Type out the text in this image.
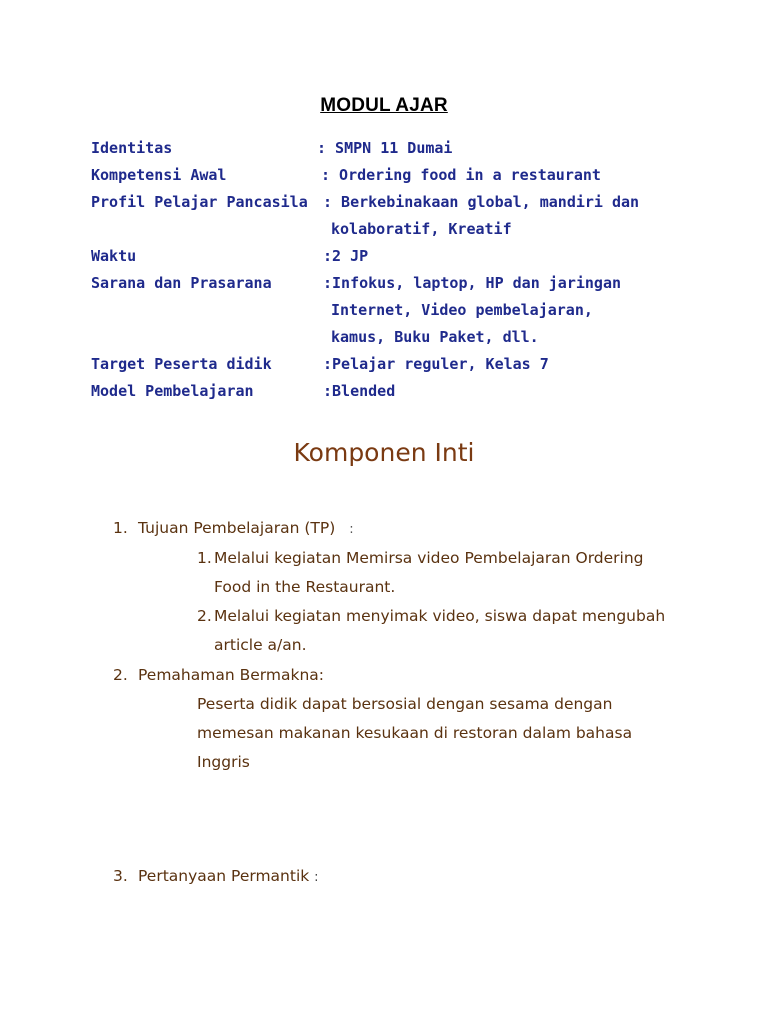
MODUL AJAR
Identitas	: SMPN 11 Dumai
Kompetensi Awal	: Ordering food in a restaurant
Profil Pelajar Pancasila : Berkebinakaan global, mandiri dan
kolaboratif, Kreatif
Waktu	:2 JP
Sarana dan Prasarana	:Infokus, laptop, HP dan jaringan
Internet, Video pembelajaran,
kamus, Buku Paket, dll.
Target Peserta didik	:Pelajar reguler, Kelas 7
Model Pembelajaran	:Blended
Komponen Inti
1. Tujuan Pembelajaran (TP) :
1. Melalui kegiatan Memirsa video Pembelajaran Ordering
Food in the Restaurant.
2. Melalui kegiatan menyimak video, siswa dapat mengubah
article a/an.
2. Pemahaman Bermakna:
Peserta didik dapat bersosial dengan sesama dengan
memesan makanan kesukaan di restoran dalam bahasa
Inggris
3. Pertanyaan Permantik :
